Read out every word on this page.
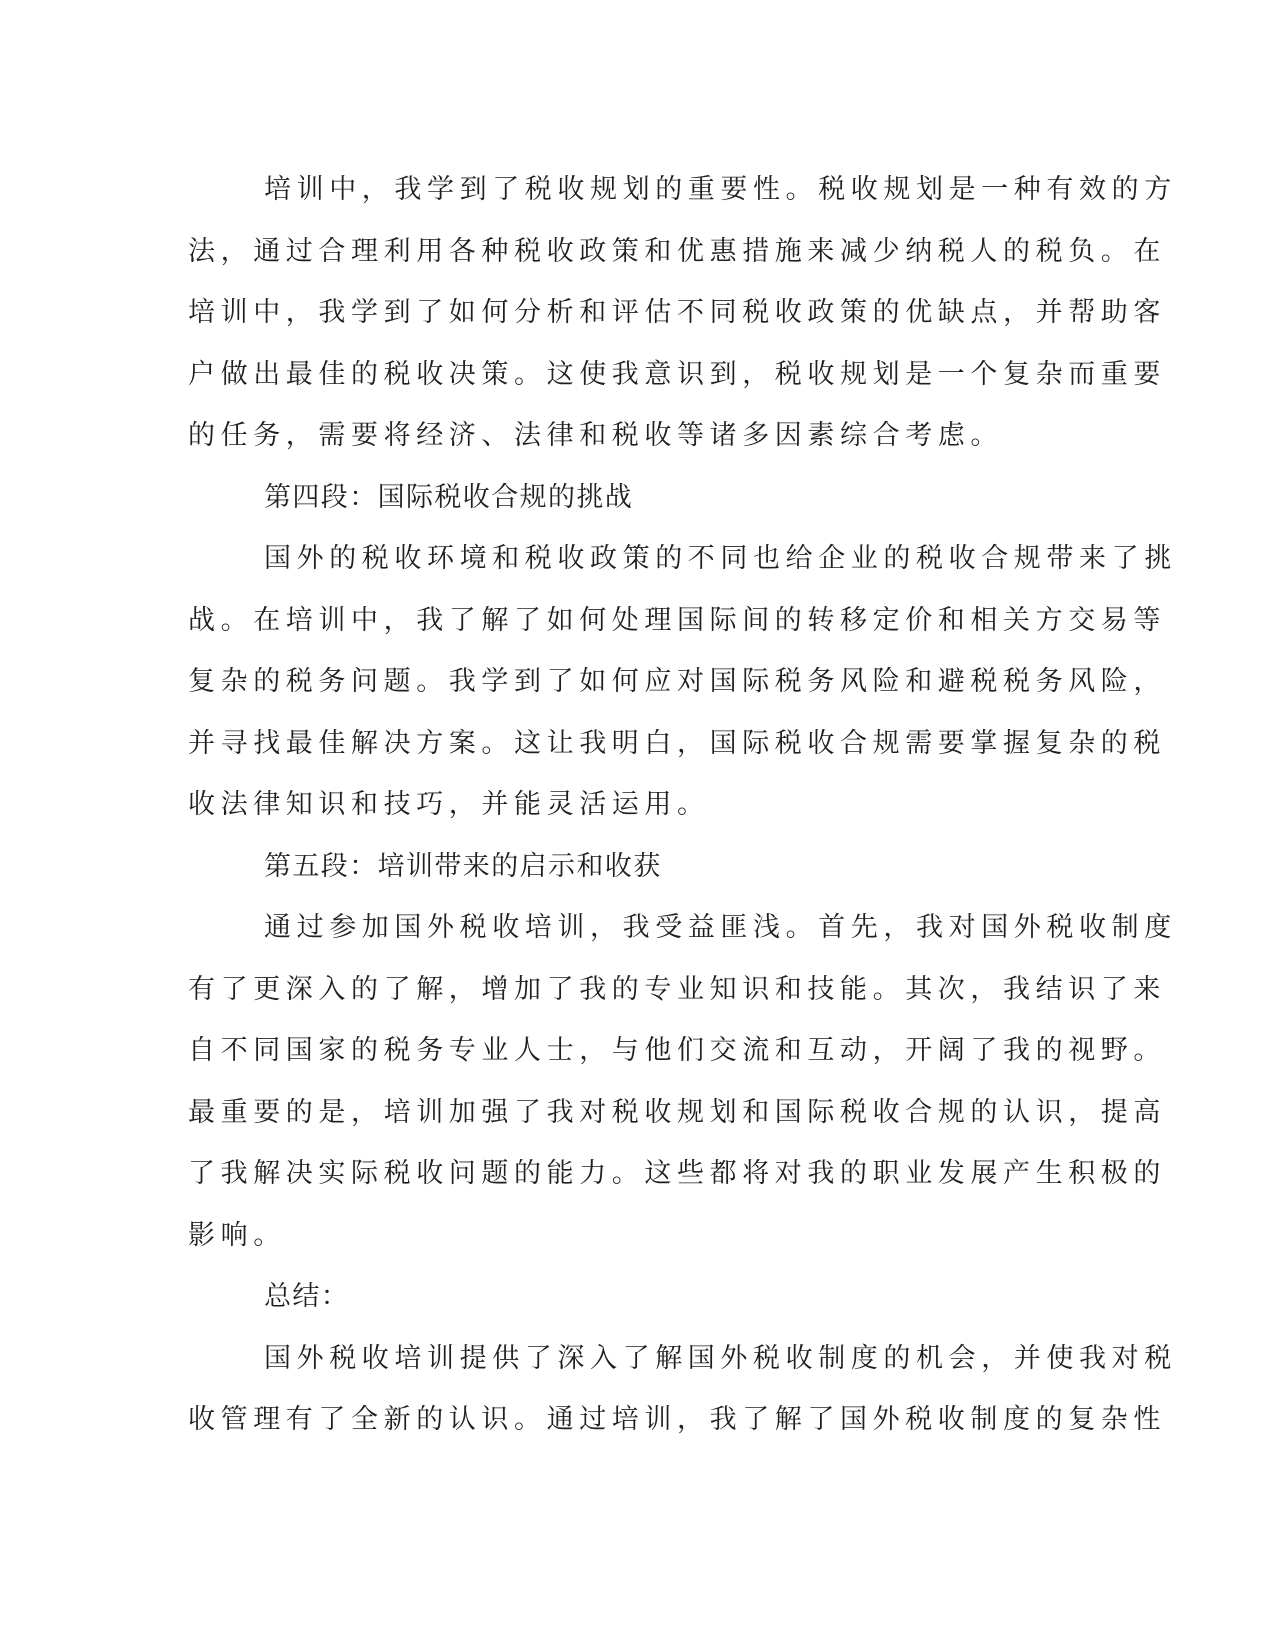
培训中，我学到了税收规划的重要性。税收规划是一种有效的方
法，通过合理利用各种税收政策和优惠措施来减少纳税人的税负。在
培训中，我学到了如何分析和评估不同税收政策的优缺点，并帮助客
户做出最佳的税收决策。这使我意识到，税收规划是一个复杂而重要
的任务，需要将经济、法律和税收等诸多因素综合考虑。
第四段：国际税收合规的挑战
国外的税收环境和税收政策的不同也给企业的税收合规带来了挑
战。在培训中，我了解了如何处理国际间的转移定价和相关方交易等
复杂的税务问题。我学到了如何应对国际税务风险和避税税务风险，
并寻找最佳解决方案。这让我明白，国际税收合规需要掌握复杂的税
收法律知识和技巧，并能灵活运用。
第五段：培训带来的启示和收获
通过参加国外税收培训，我受益匪浅。首先，我对国外税收制度
有了更深入的了解，增加了我的专业知识和技能。其次，我结识了来
自不同国家的税务专业人士，与他们交流和互动，开阔了我的视野。
最重要的是，培训加强了我对税收规划和国际税收合规的认识，提高
了我解决实际税收问题的能力。这些都将对我的职业发展产生积极的
影响。
总结：
国外税收培训提供了深入了解国外税收制度的机会，并使我对税
收管理有了全新的认识。通过培训，我了解了国外税收制度的复杂性
